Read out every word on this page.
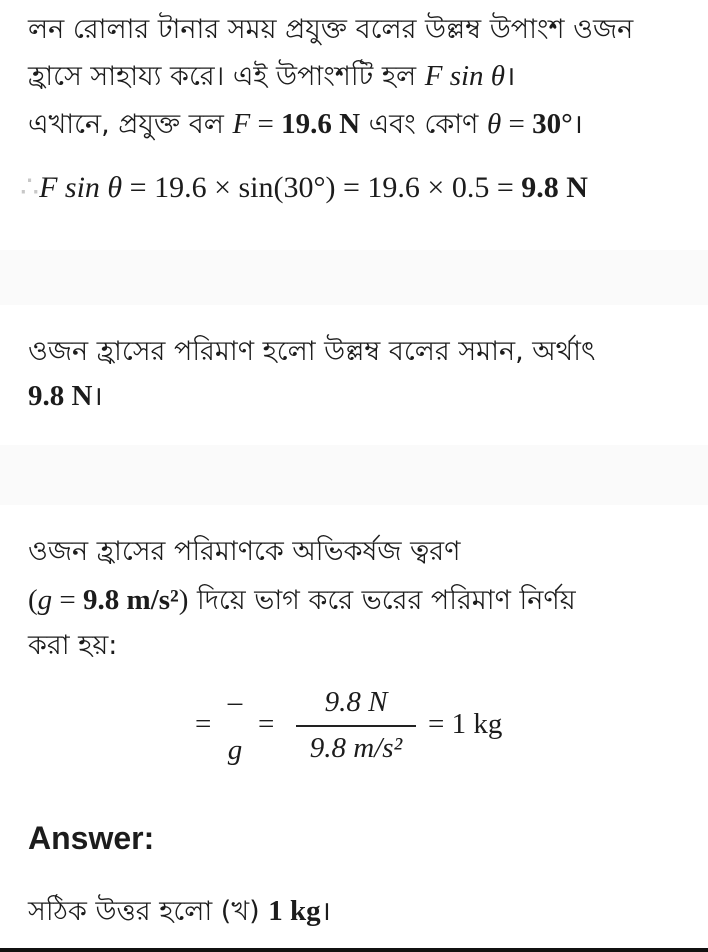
লন রোলার টানার সময় প্রযুক্ত বলের উল্লম্ব উপাংশ ওজন
হ্রাসে সাহায্য করে। এই উপাংশটি হল F sin θ।
এখানে, প্রযুক্ত বল F = 19.6 N এবং কোণ θ = 30°।
∴F sin θ = 19.6 × sin(30°) = 19.6 × 0.5 = 9.8 N
ওজন হ্রাসের পরিমাণ হলো উল্লম্ব বলের সমান, অর্থাৎ
9.8 N।
ওজন হ্রাসের পরিমাণকে অভিকর্ষজ ত্বরণ
(g = 9.8 m/s²) দিয়ে ভাগ করে ভরের পরিমাণ নির্ণয়
করা হয়:
=
–
g
=
9.8 N
9.8 m/s²
= 1 kg
Answer:
সঠিক উত্তর হলো (খ) 1 kg।
